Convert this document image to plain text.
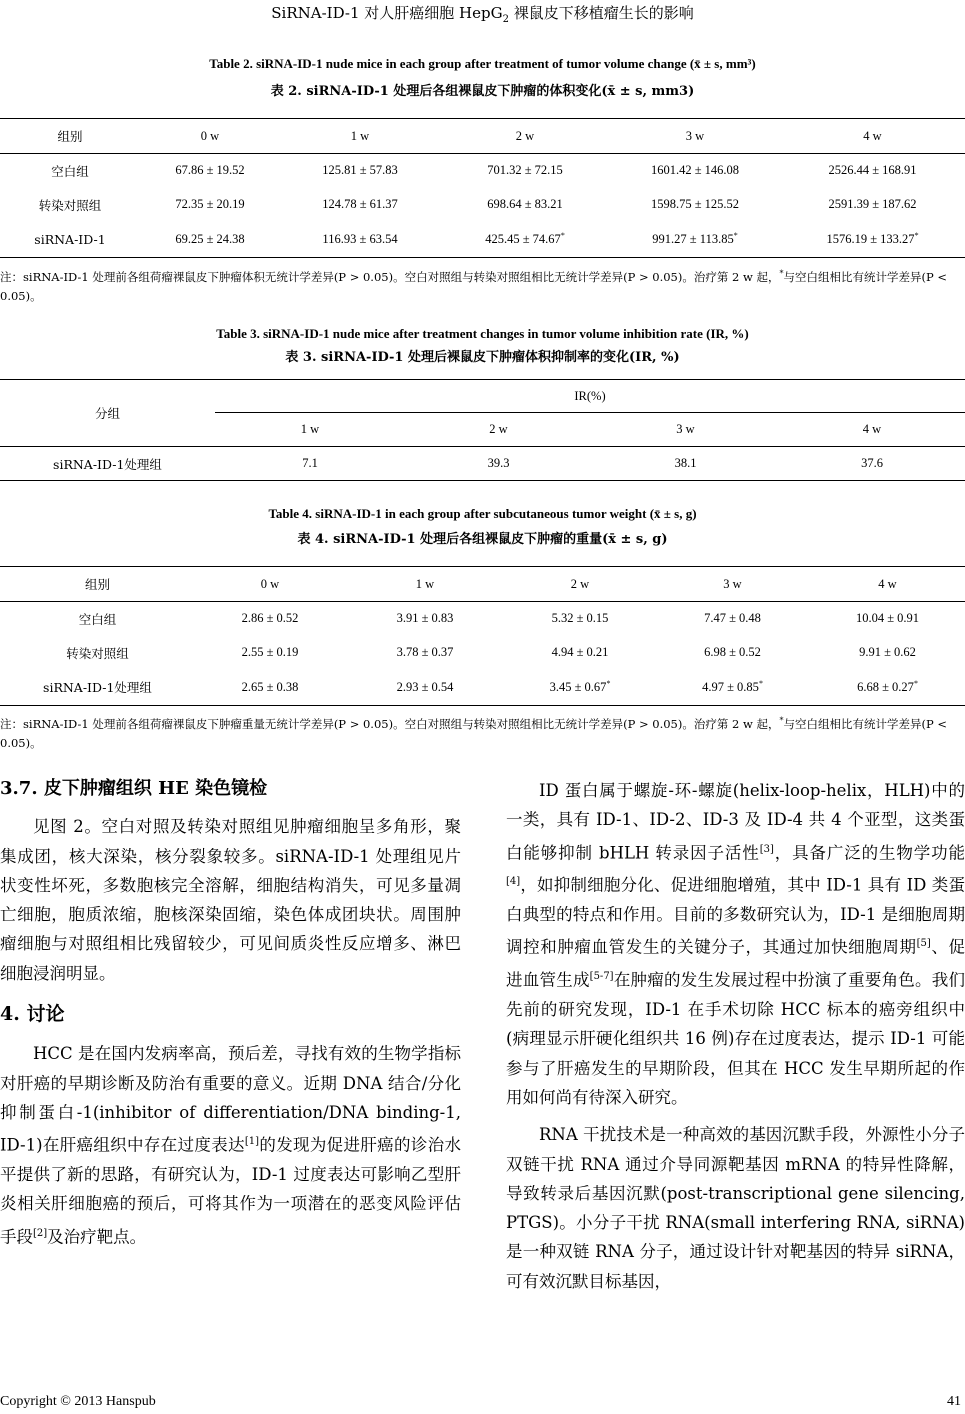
SiRNA-ID-1 对人肝癌细胞 HepG$_2$ 裸鼠皮下移植瘤生长的影响
Table 2. siRNA-ID-1 nude mice in each group after treatment of tumor volume change (x̄ ± s, mm³)
表 2. siRNA-ID-1 处理后各组裸鼠皮下肿瘤的体积变化(x̄ ± s, mm3)
组别	0 w	1 w	2 w	3 w	4 w
空白组	67.86 ± 19.52	125.81 ± 57.83	701.32 ± 72.15	1601.42 ± 146.08	2526.44 ± 168.91
转染对照组	72.35 ± 20.19	124.78 ± 61.37	698.64 ± 83.21	1598.75 ± 125.52	2591.39 ± 187.62
siRNA-ID-1	69.25 ± 24.38	116.93 ± 63.54	425.45 ± 74.67*	991.27 ± 113.85*	1576.19 ± 133.27*
注：siRNA-ID-1 处理前各组荷瘤裸鼠皮下肿瘤体积无统计学差异(P > 0.05)。空白对照组与转染对照组相比无统计学差异(P > 0.05)。治疗第 2 w 起，*与空白组相比有统计学差异(P < 0.05)。
Table 3. siRNA-ID-1 nude mice after treatment changes in tumor volume inhibition rate (IR, %)
表 3. siRNA-ID-1 处理后裸鼠皮下肿瘤体积抑制率的变化(IR, %)
分组	IR(%)			
	1 w	2 w	3 w	4 w
siRNA-ID-1处理组	7.1	39.3	38.1	37.6
Table 4. siRNA-ID-1 in each group after subcutaneous tumor weight (x̄ ± s, g)
表 4. siRNA-ID-1 处理后各组裸鼠皮下肿瘤的重量(x̄ ± s, g)
组别	0 w	1 w	2 w	3 w	4 w
空白组	2.86 ± 0.52	3.91 ± 0.83	5.32 ± 0.15	7.47 ± 0.48	10.04 ± 0.91
转染对照组	2.55 ± 0.19	3.78 ± 0.37	4.94 ± 0.21	6.98 ± 0.52	9.91 ± 0.62
siRNA-ID-1处理组	2.65 ± 0.38	2.93 ± 0.54	3.45 ± 0.67*	4.97 ± 0.85*	6.68 ± 0.27*
注：siRNA-ID-1 处理前各组荷瘤裸鼠皮下肿瘤重量无统计学差异(P > 0.05)。空白对照组与转染对照组相比无统计学差异(P > 0.05)。治疗第 2 w 起，*与空白组相比有统计学差异(P < 0.05)。
3.7. 皮下肿瘤组织 HE 染色镜检

见图 2。空白对照及转染对照组见肿瘤细胞呈多角形，聚集成团，核大深染，核分裂象较多。siRNA-ID-1 处理组见片状变性坏死，多数胞核完全溶解，细胞结构消失，可见多量凋亡细胞，胞质浓缩，胞核深染固缩，染色体成团块状。周围肿瘤细胞与对照组相比残留较少，可见间质炎性反应增多、淋巴细胞浸润明显。

4. 讨论

HCC 是在国内发病率高，预后差，寻找有效的生物学指标对肝癌的早期诊断及防治有重要的意义。近期 DNA 结合/分化抑制蛋白-1(inhibitor of differentiation/DNA binding-1, ID-1)在肝癌组织中存在过度表达[1]的发现为促进肝癌的诊治水平提供了新的思路，有研究认为，ID-1 过度表达可影响乙型肝炎相关肝细胞癌的预后，可将其作为一项潜在的恶变风险评估手段[2]及治疗靶点。

ID 蛋白属于螺旋-环-螺旋(helix-loop-helix，HLH)中的一类，具有 ID-1、ID-2、ID-3 及 ID-4 共 4 个亚型，这类蛋白能够抑制 bHLH 转录因子活性[3]，具备广泛的生物学功能[4]，如抑制细胞分化、促进细胞增殖，其中 ID-1 具有 ID 类蛋白典型的特点和作用。目前的多数研究认为，ID-1 是细胞周期调控和肿瘤血管发生的关键分子，其通过加快细胞周期[5]、促进血管生成[5-7]在肿瘤的发生发展过程中扮演了重要角色。我们先前的研究发现，ID-1 在手术切除 HCC 标本的癌旁组织中(病理显示肝硬化组织共 16 例)存在过度表达，提示 ID-1 可能参与了肝癌发生的早期阶段，但其在 HCC 发生早期所起的作用如何尚有待深入研究。

RNA 干扰技术是一种高效的基因沉默手段，外源性小分子双链干扰 RNA 通过介导同源靶基因 mRNA 的特异性降解，导致转录后基因沉默(post-transcriptional gene silencing, PTGS)。小分子干扰 RNA(small interfering RNA, siRNA)是一种双链 RNA 分子，通过设计针对靶基因的特异 siRNA，可有效沉默目标基因，

Copyright © 2013 Hanspub	41
